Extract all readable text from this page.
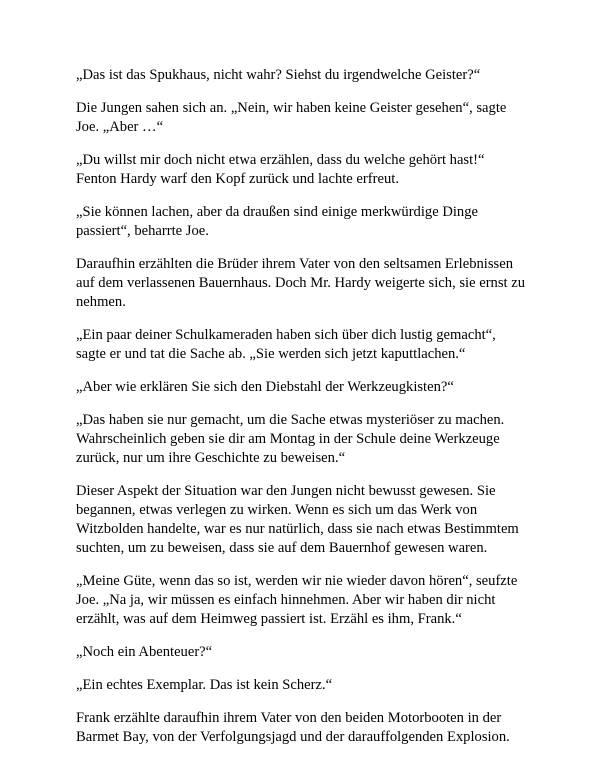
„Das ist das Spukhaus, nicht wahr? Siehst du irgendwelche Geister?“

Die Jungen sahen sich an. „Nein, wir haben keine Geister gesehen“, sagte Joe. „Aber …“

„Du willst mir doch nicht etwa erzählen, dass du welche gehört hast!“ Fenton Hardy warf den Kopf zurück und lachte erfreut.

„Sie können lachen, aber da draußen sind einige merkwürdige Dinge passiert“, beharrte Joe.

Daraufhin erzählten die Brüder ihrem Vater von den seltsamen Erlebnissen auf dem verlassenen Bauernhaus. Doch Mr. Hardy weigerte sich, sie ernst zu nehmen.

„Ein paar deiner Schulkameraden haben sich über dich lustig gemacht“, sagte er und tat die Sache ab. „Sie werden sich jetzt kaputtlachen.“

„Aber wie erklären Sie sich den Diebstahl der Werkzeugkisten?“

„Das haben sie nur gemacht, um die Sache etwas mysteriöser zu machen. Wahrscheinlich geben sie dir am Montag in der Schule deine Werkzeuge zurück, nur um ihre Geschichte zu beweisen.“

Dieser Aspekt der Situation war den Jungen nicht bewusst gewesen. Sie begannen, etwas verlegen zu wirken. Wenn es sich um das Werk von Witzbolden handelte, war es nur natürlich, dass sie nach etwas Bestimmtem suchten, um zu beweisen, dass sie auf dem Bauernhof gewesen waren.

„Meine Güte, wenn das so ist, werden wir nie wieder davon hören“, seufzte Joe. „Na ja, wir müssen es einfach hinnehmen. Aber wir haben dir nicht erzählt, was auf dem Heimweg passiert ist. Erzähl es ihm, Frank.“

„Noch ein Abenteuer?“

„Ein echtes Exemplar. Das ist kein Scherz.“

Frank erzählte daraufhin ihrem Vater von den beiden Motorbooten in der Barmet Bay, von der Verfolgungsjagd und der darauffolgenden Explosion.
